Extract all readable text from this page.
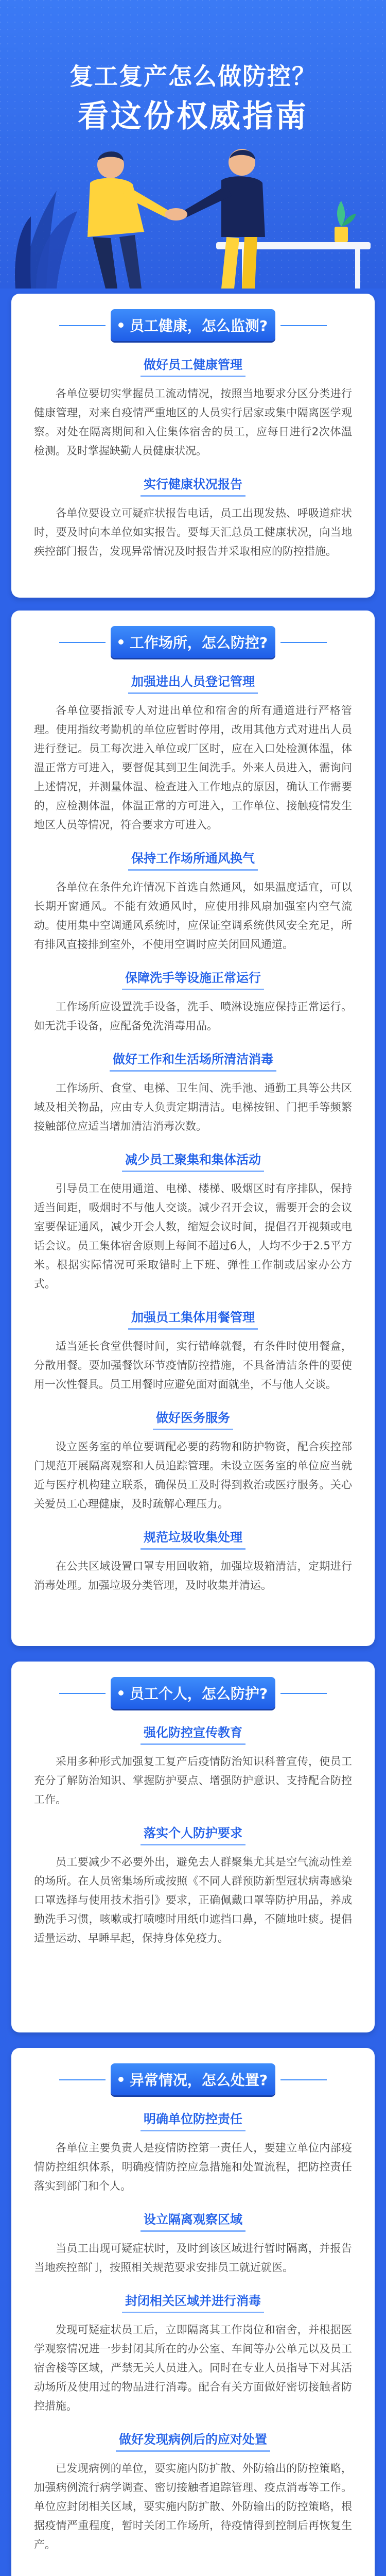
复工复产怎么做防控？
看这份权威指南
员工健康，怎么监测?
做好员工健康管理

各单位要切实掌握员工流动情况，按照当地要求分区分类进行健康管理，对来自疫情严重地区的人员实行居家或集中隔离医学观察。对处在隔离期间和入住集体宿舍的员工，应每日进行2次体温检测。及时掌握缺勤人员健康状况。

实行健康状况报告

各单位要设立可疑症状报告电话，员工出现发热、呼吸道症状时，要及时向本单位如实报告。要每天汇总员工健康状况，向当地疾控部门报告，发现异常情况及时报告并采取相应的防控措施。

工作场所，怎么防控?
加强进出人员登记管理

各单位要指派专人对进出单位和宿舍的所有通道进行严格管理。使用指纹考勤机的单位应暂时停用，改用其他方式对进出人员进行登记。员工每次进入单位或厂区时，应在入口处检测体温，体温正常方可进入，要督促其到卫生间洗手。外来人员进入，需询问上述情况，并测量体温、检查进入工作地点的原因，确认工作需要的，应检测体温，体温正常的方可进入，工作单位、接触疫情发生地区人员等情况，符合要求方可进入。

保持工作场所通风换气

各单位在条件允许情况下首选自然通风，如果温度适宜，可以长期开窗通风。不能有效通风时，应使用排风扇加强室内空气流动。使用集中空调通风系统时，应保证空调系统供风安全充足，所有排风直接排到室外，不使用空调时应关闭回风通道。

保障洗手等设施正常运行

工作场所应设置洗手设备，洗手、喷淋设施应保持正常运行。如无洗手设备，应配备免洗消毒用品。

做好工作和生活场所清洁消毒

工作场所、食堂、电梯、卫生间、洗手池、通勤工具等公共区域及相关物品，应由专人负责定期清洁。电梯按钮、门把手等频繁接触部位应适当增加清洁消毒次数。

减少员工聚集和集体活动

引导员工在使用通道、电梯、楼梯、吸烟区时有序排队，保持适当间距，吸烟时不与他人交谈。减少召开会议，需要开会的会议室要保证通风，减少开会人数，缩短会议时间，提倡召开视频或电话会议。员工集体宿舍原则上每间不超过6人，人均不少于2.5平方米。根据实际情况可采取错时上下班、弹性工作制或居家办公方式。

加强员工集体用餐管理

适当延长食堂供餐时间，实行错峰就餐，有条件时使用餐盒，分散用餐。要加强餐饮环节疫情防控措施，不具备清洁条件的要使用一次性餐具。员工用餐时应避免面对面就坐，不与他人交谈。

做好医务服务

设立医务室的单位要调配必要的药物和防护物资，配合疾控部门规范开展隔离观察和人员追踪管理。未设立医务室的单位应当就近与医疗机构建立联系，确保员工及时得到救治或医疗服务。关心关爱员工心理健康，及时疏解心理压力。

规范垃圾收集处理

在公共区域设置口罩专用回收箱，加强垃圾箱清洁，定期进行消毒处理。加强垃圾分类管理，及时收集并清运。

员工个人，怎么防护?
强化防控宣传教育

采用多种形式加强复工复产后疫情防治知识科普宣传，使员工充分了解防治知识、掌握防护要点、增强防护意识、支持配合防控工作。

落实个人防护要求

员工要减少不必要外出，避免去人群聚集尤其是空气流动性差的场所。在人员密集场所或按照《不同人群预防新型冠状病毒感染口罩选择与使用技术指引》要求，正确佩戴口罩等防护用品，养成勤洗手习惯，咳嗽或打喷嚏时用纸巾遮挡口鼻，不随地吐痰。提倡适量运动、早睡早起，保持身体免疫力。

异常情况，怎么处置?
明确单位防控责任

各单位主要负责人是疫情防控第一责任人，要建立单位内部疫情防控组织体系，明确疫情防控应急措施和处置流程，把防控责任落实到部门和个人。

设立隔离观察区域

当员工出现可疑症状时，及时到该区域进行暂时隔离，并报告当地疾控部门，按照相关规范要求安排员工就近就医。

封闭相关区域并进行消毒

发现可疑症状员工后，立即隔离其工作岗位和宿舍，并根据医学观察情况进一步封闭其所在的办公室、车间等办公单元以及员工宿舍楼等区域，严禁无关人员进入。同时在专业人员指导下对其活动场所及使用过的物品进行消毒。配合有关方面做好密切接触者防控措施。

做好发现病例后的应对处置

已发现病例的单位，要实施内防扩散、外防输出的防控策略，加强病例流行病学调查、密切接触者追踪管理、疫点消毒等工作。单位应封闭相关区域，要实施内防扩散、外防输出的防控策略，根据疫情严重程度，暂时关闭工作场所，待疫情得到控制后再恢复生产。
